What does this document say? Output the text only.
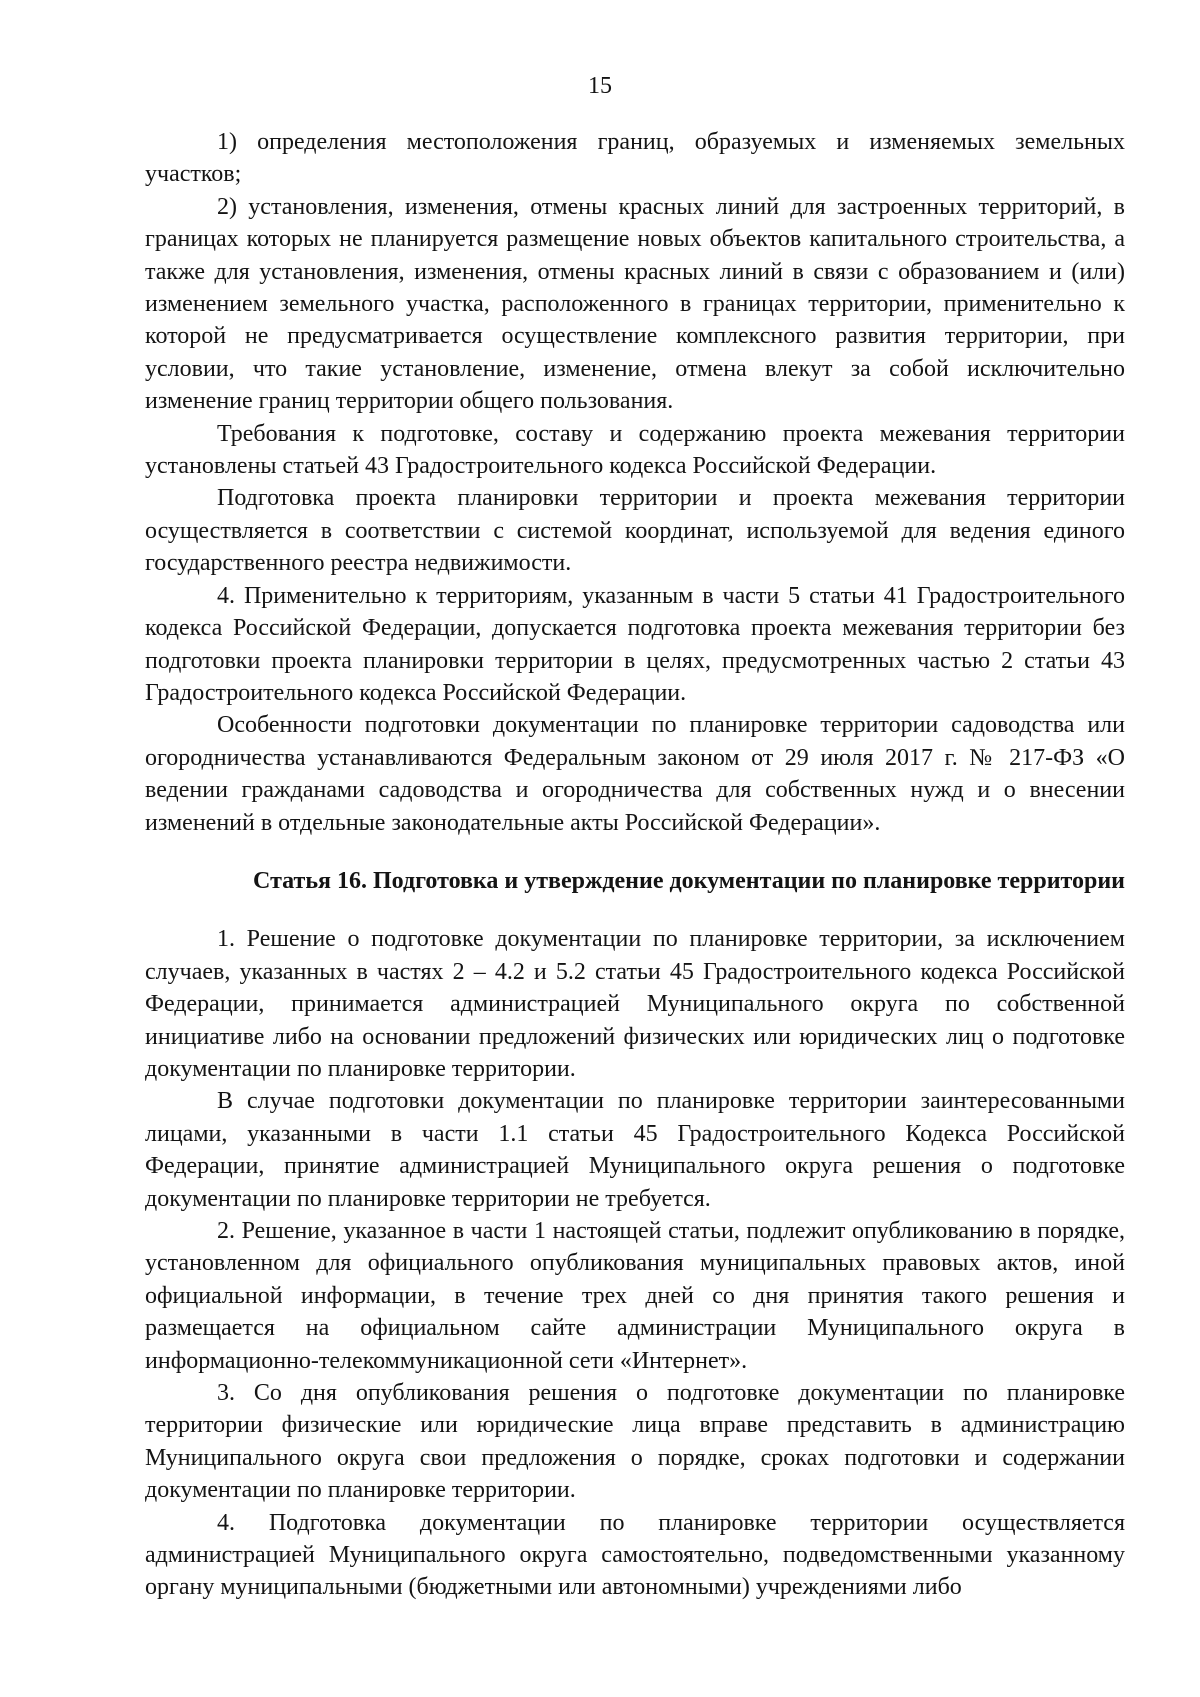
15

1) определения местоположения границ, образуемых и изменяемых земельных участков;

2) установления, изменения, отмены красных линий для застроенных территорий, в границах которых не планируется размещение новых объектов капитального строительства, а также для установления, изменения, отмены красных линий в связи с образованием и (или) изменением земельного участка, расположенного в границах территории, применительно к которой не предусматривается осуществление комплексного развития территории, при условии, что такие установление, изменение, отмена влекут за собой исключительно изменение границ территории общего пользования.

Требования к подготовке, составу и содержанию проекта межевания территории установлены статьей 43 Градостроительного кодекса Российской Федерации.

Подготовка проекта планировки территории и проекта межевания территории осуществляется в соответствии с системой координат, используемой для ведения единого государственного реестра недвижимости.

4. Применительно к территориям, указанным в части 5 статьи 41 Градостроительного кодекса Российской Федерации, допускается подготовка проекта межевания территории без подготовки проекта планировки территории в целях, предусмотренных частью 2 статьи 43 Градостроительного кодекса Российской Федерации.

Особенности подготовки документации по планировке территории садоводства или огородничества устанавливаются Федеральным законом от 29 июля 2017 г. № 217-ФЗ «О ведении гражданами садоводства и огородничества для собственных нужд и о внесении изменений в отдельные законодательные акты Российской Федерации».

Статья 16. Подготовка и утверждение документации по планировке территории

1. Решение о подготовке документации по планировке территории, за исключением случаев, указанных в частях 2 – 4.2 и 5.2 статьи 45 Градостроительного кодекса Российской Федерации, принимается администрацией Муниципального округа по собственной инициативе либо на основании предложений физических или юридических лиц о подготовке документации по планировке территории.

В случае подготовки документации по планировке территории заинтересованными лицами, указанными в части 1.1 статьи 45 Градостроительного Кодекса Российской Федерации, принятие администрацией Муниципального округа решения о подготовке документации по планировке территории не требуется.

2. Решение, указанное в части 1 настоящей статьи, подлежит опубликованию в порядке, установленном для официального опубликования муниципальных правовых актов, иной официальной информации, в течение трех дней со дня принятия такого решения и размещается на официальном сайте администрации Муниципального округа в информационно-телекоммуникационной сети «Интернет».

3. Со дня опубликования решения о подготовке документации по планировке территории физические или юридические лица вправе представить в администрацию Муниципального округа свои предложения о порядке, сроках подготовки и содержании документации по планировке территории.

4. Подготовка документации по планировке территории осуществляется администрацией Муниципального округа самостоятельно, подведомственными указанному органу муниципальными (бюджетными или автономными) учреждениями либо
